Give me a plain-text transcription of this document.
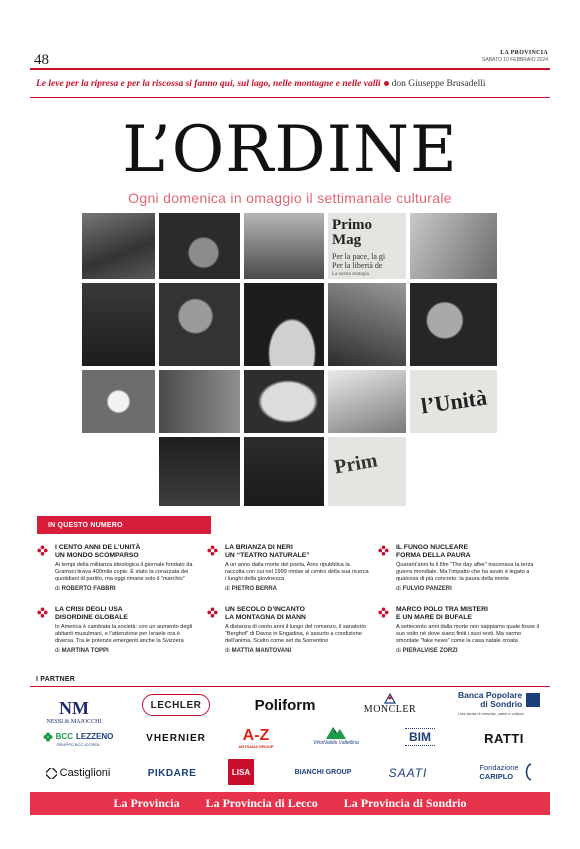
48	LA PROVINCIA
SABATO 10 FEBBRAIO 2024
Le leve per la ripresa e per la riscossa si fanno qui, sul lago, nelle montagne e nelle valli don Giuseppe Brusadelli
L’ORDINE
Ogni domenica in omaggio il settimanale culturale
Primo Mag
Per la pace, la gi
Per la libertà de
La nostra strategia
l’Unità
Prim
IN QUESTO NUMERO
I CENTO ANNI DE L’UNITÀ
UN MONDO SCOMPARSO
Ai tempi della militanza ideologica il giornale fondato da Gramsci tirava 400mila copie. È stato la corazzata dei quotidiani di partito, ma oggi rimane solo il “marchio”
di ROBERTO FABBRI
LA BRIANZA DI NERI
UN “TEATRO NATURALE”
A un anno dalla morte del poeta, Ares ripubblica la raccolta con cui nel 1999 rimise al centro della sua ricerca i luoghi della giovinezza
di PIETRO BERRA
IL FUNGO NUCLEARE
FORMA DELLA PAURA
Quarant’anni fa il film “The day after” inscenava la terza guerra mondiale. Ma l’impatto che ha avuto è legato a qualcosa di più concreto: la paura della morte
di FULVIO PANZERI
LA CRISI DEGLI USA
DISORDINE GLOBALE
In America è cambiata la società: con un aumento degli abitanti musulmani, e l’attenzione per Israele ora è diversa. Tra le potenze emergenti anche la Svizzera
di MARTINA TOPPI
UN SECOLO D’INCANTO
LA MONTAGNA DI MANN
A distanza di cento anni il luogo del romanzo, il sanatorio “Berghof” di Davos in Engadina, è assurto a condizione dell’anima. Scelto come set da Sorrentino
di MATTIA MANTOVANI
MARCO POLO TRA MISTERI
E UN MARE DI BUFALE
A settecento anni dalla morte non sappiamo quale fosse il suo volto né dove siano finiti i suoi resti. Ma varmo smontate “fake news” come la casa natale croata
di PIERALVISE ZORZI
I PARTNER
NM
NESSI & MAJOCCHI
LECHLER	Poliform	MONCLER
Banca Popolare
di Sondrio
Una storia di crescita, valori e cultura
BCC LEZZENO
GRUPPO BCC ICCREA
VHERNIER A-Z
ARTSANA GROUP	VinoNobile Valtellina	BIM	RATTI
Castiglioni	PIKDARE	LISA	BIANCHI GROUP	SAATI	Fondazione
CARIPLO
La Provincia La Provincia di Lecco La Provincia di Sondrio
